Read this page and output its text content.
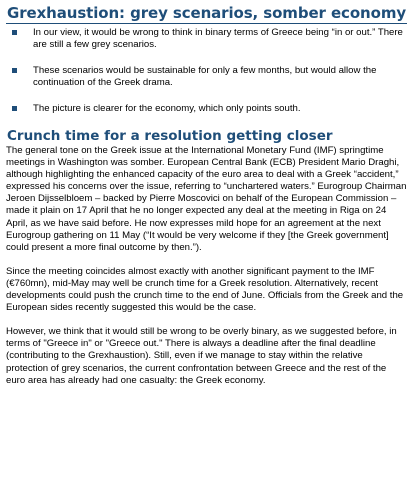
Grexhaustion: grey scenarios, somber economy
In our view, it would be wrong to think in binary terms of Greece being “in or out.” There are still a few grey scenarios.
These scenarios would be sustainable for only a few months, but would allow the continuation of the Greek drama.
The picture is clearer for the economy, which only points south.
Crunch time for a resolution getting closer

The general tone on the Greek issue at the International Monetary Fund (IMF) springtime meetings in Washington was somber. European Central Bank (ECB) President Mario Draghi, although highlighting the enhanced capacity of the euro area to deal with a Greek “accident,” expressed his concerns over the issue, referring to “unchartered waters.” Eurogroup Chairman Jeroen Dijsselbloem – backed by Pierre Moscovici on behalf of the European Commission – made it plain on 17 April that he no longer expected any deal at the meeting in Riga on 24 April, as we have said before. He now expresses mild hope for an agreement at the next Eurogroup gathering on 11 May (“It would be very welcome if they [the Greek government] could present a more final outcome by then.”).

Since the meeting coincides almost exactly with another significant payment to the IMF (€760mn), mid-May may well be crunch time for a Greek resolution. Alternatively, recent developments could push the crunch time to the end of June. Officials from the Greek and the European sides recently suggested this would be the case.

However, we think that it would still be wrong to be overly binary, as we suggested before, in terms of "Greece in" or "Greece out." There is always a deadline after the final deadline (contributing to the Grexhaustion). Still, even if we manage to stay within the relative protection of grey scenarios, the current confrontation between Greece and the rest of the euro area has already had one casualty: the Greek economy.
